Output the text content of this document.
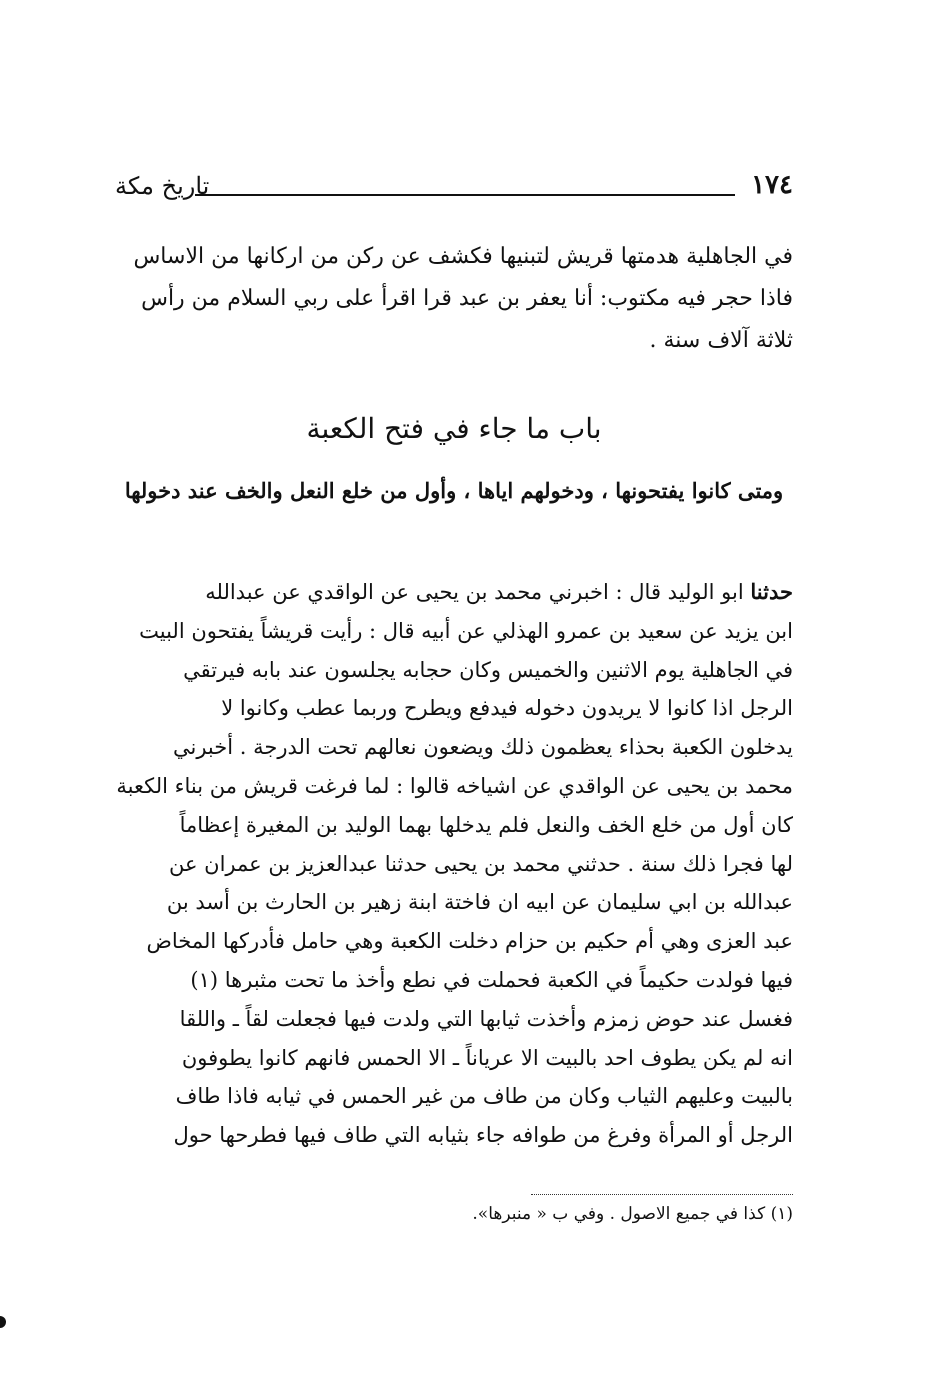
تاريخ مكة	١٧٤
في الجاهلية هدمتها قريش لتبنيها فكشف عن ركن من اركانها من الاساس
فاذا حجر فيه مكتوب: أنا يعفر بن عبد قرا اقرأ على ربي السلام من رأس
ثلاثة آلاف سنة .
باب ما جاء في فتح الكعبة
ومتى كانوا يفتحونها ، ودخولهم اياها ، وأول من خلع النعل والخف عند دخولها
حدثنا ابو الوليد قال : اخبرني محمد بن يحيى عن الواقدي عن عبدالله
ابن يزيد عن سعيد بن عمرو الهذلي عن أبيه قال : رأيت قريشاً يفتحون البيت
في الجاهلية يوم الاثنين والخميس وكان حجابه يجلسون عند بابه فيرتقي
الرجل اذا كانوا لا يريدون دخوله فيدفع ويطرح وربما عطب وكانوا لا
يدخلون الكعبة بحذاء يعظمون ذلك ويضعون نعالهم تحت الدرجة . أخبرني
محمد بن يحيى عن الواقدي عن اشياخه قالوا : لما فرغت قريش من بناء الكعبة
كان أول من خلع الخف والنعل فلم يدخلها بهما الوليد بن المغيرة إعظاماً
لها فجرا ذلك سنة . حدثني محمد بن يحيى حدثنا عبدالعزيز بن عمران عن
عبدالله بن ابي سليمان عن ابيه ان فاختة ابنة زهير بن الحارث بن أسد بن
عبد العزى وهي أم حكيم بن حزام دخلت الكعبة وهي حامل فأدركها المخاض
فيها فولدت حكيماً في الكعبة فحملت في نطع وأخذ ما تحت مثبرها (١)
فغسل عند حوض زمزم وأخذت ثيابها التي ولدت فيها فجعلت لقاً ـ واللقا
انه لم يكن يطوف احد بالبيت الا عرياناً ـ الا الحمس فانهم كانوا يطوفون
بالبيت وعليهم الثياب وكان من طاف من غير الحمس في ثيابه فاذا طاف
الرجل أو المرأة وفرغ من طوافه جاء بثيابه التي طاف فيها فطرحها حول
(١) كذا في جميع الاصول . وفي ب « منبرها».
